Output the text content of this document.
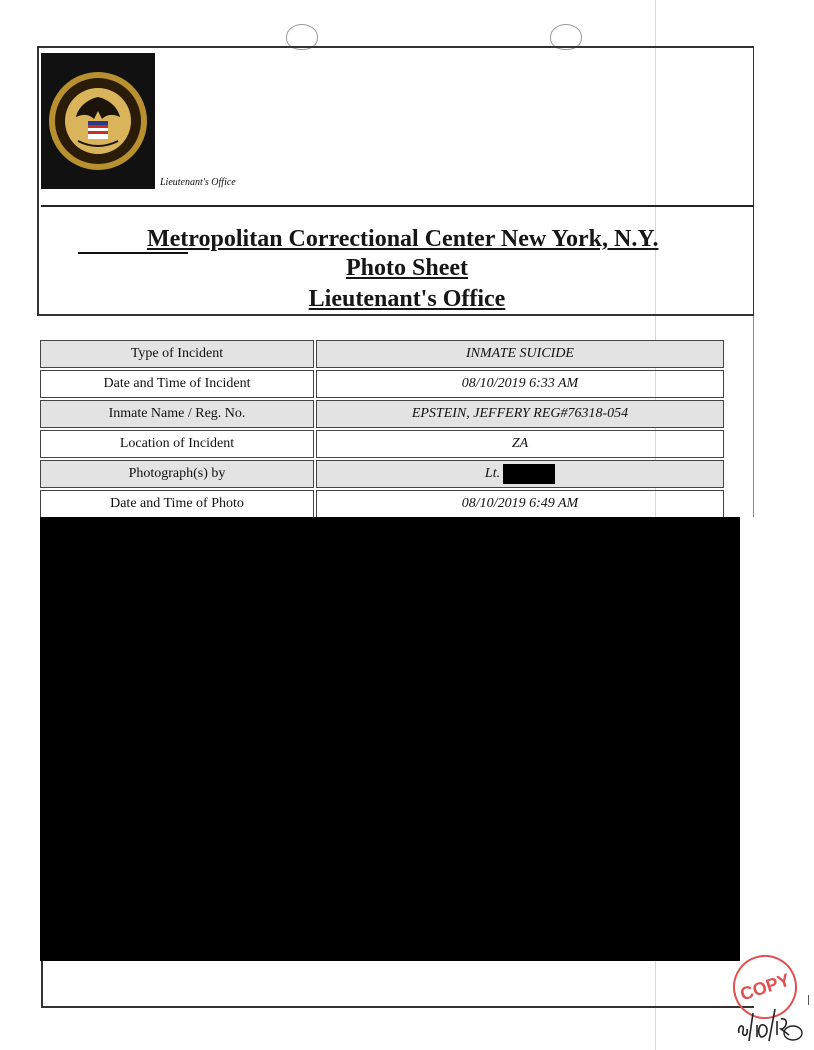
Lieutenant's Office
Metropolitan Correctional Center New York, N.Y.
Photo Sheet
Lieutenant's Office
Type of Incident	INMATE SUICIDE
Date and Time of Incident	08/10/2019 6:33 AM
Inmate Name / Reg. No.	EPSTEIN, JEFFERY REG#76318-054
Location of Incident	ZA
Photograph(s) by	Lt.
Date and Time of Photo	08/10/2019 6:49 AM
COPY
